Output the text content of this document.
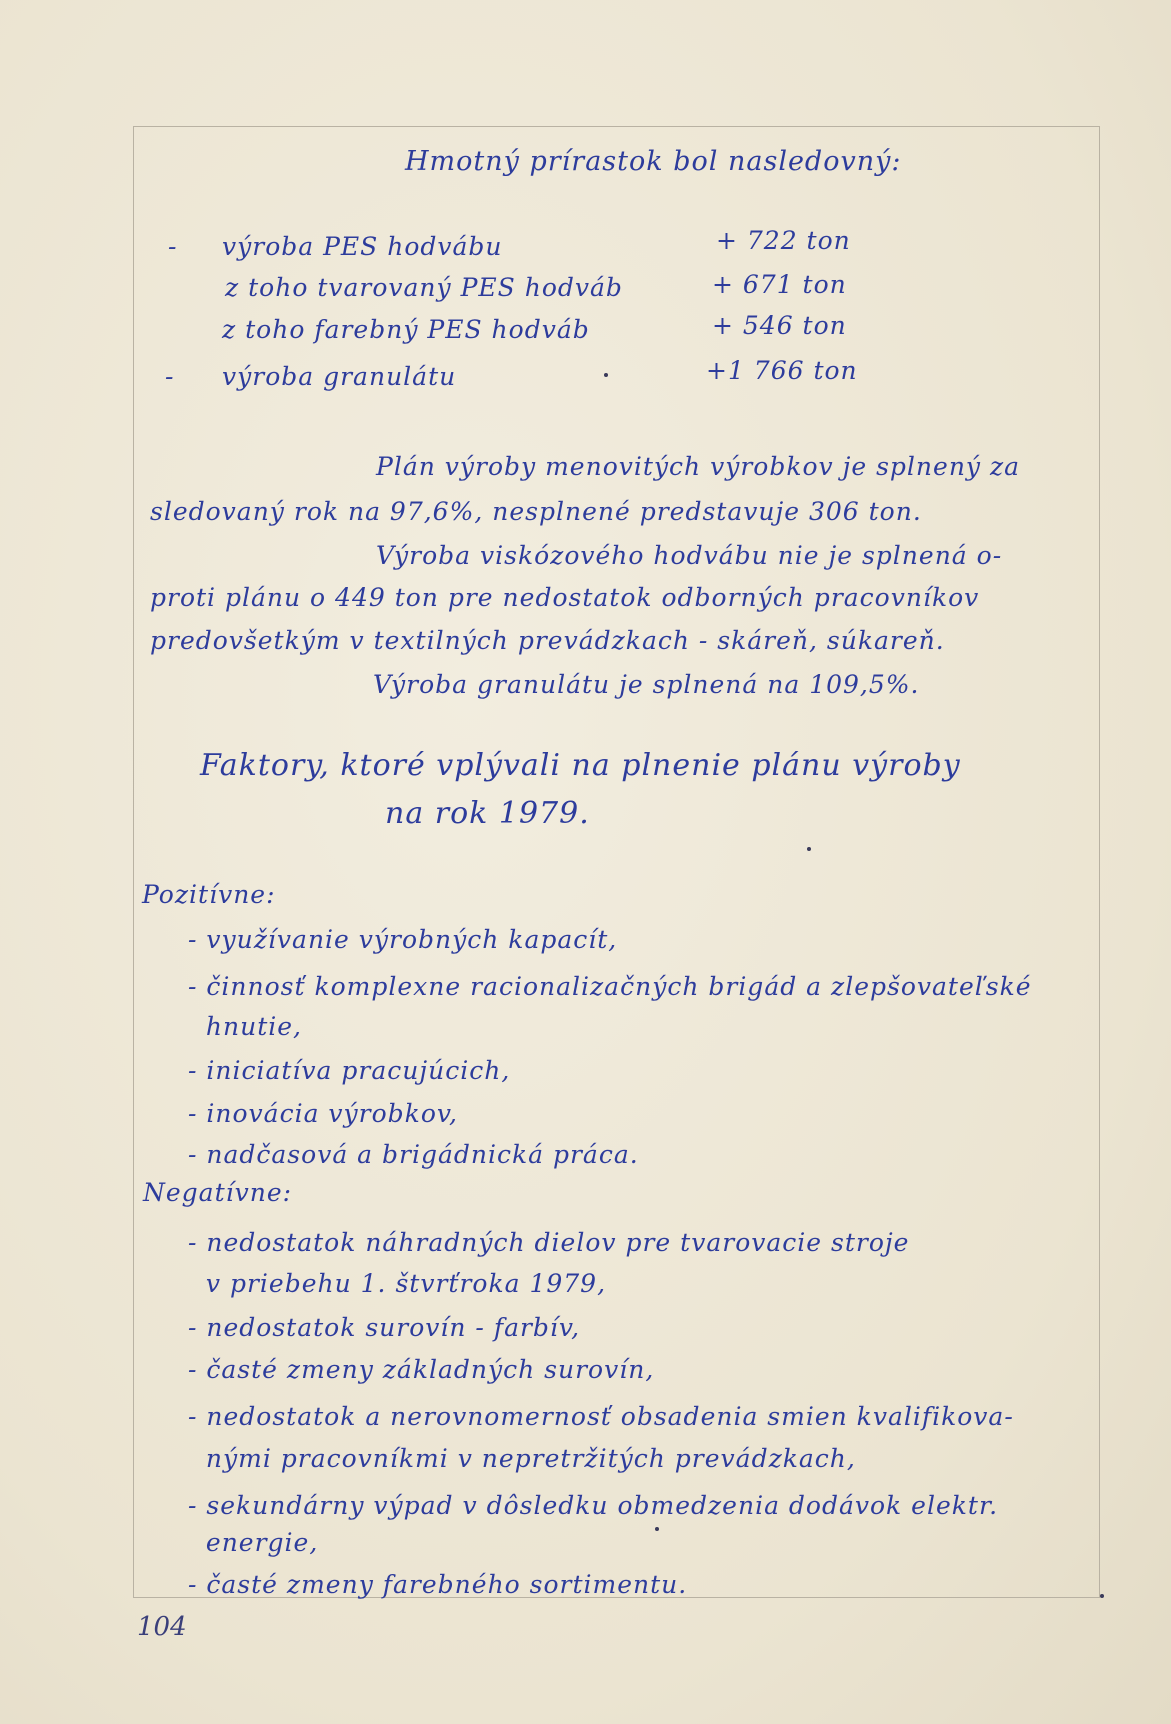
Hmotný prírastok bol nasledovný:
- výroba PES hodvábu	+ 722 ton
z toho tvarovaný PES hodváb	+ 671 ton
z toho farebný PES hodváb	+ 546 ton
- výroba granulátu	+1 766 ton
Plán výroby menovitých výrobkov je splnený za
sledovaný rok na 97,6%, nesplnené predstavuje 306 ton.
Výroba viskózového hodvábu nie je splnená o-
proti plánu o 449 ton pre nedostatok odborných pracovníkov
predovšetkým v textilných prevádzkach - skáreň, súkareň.
Výroba granulátu je splnená na 109,5%.
Faktory, ktoré vplývali na plnenie plánu výroby
na rok 1979.
Pozitívne:
- využívanie výrobných kapacít,
- činnosť komplexne racionalizačných brigád a zlepšovateľské
hnutie,
- iniciatíva pracujúcich,
- inovácia výrobkov,
- nadčasová a brigádnická práca.
Negatívne:
- nedostatok náhradných dielov pre tvarovacie stroje
v priebehu 1. štvrťroka 1979,
- nedostatok surovín - farbív,
- časté zmeny základných surovín,
- nedostatok a nerovnomernosť obsadenia smien kvalifikova-
nými pracovníkmi v nepretržitých prevádzkach,
- sekundárny výpad v dôsledku obmedzenia dodávok elektr.
energie,
- časté zmeny farebného sortimentu.
104
